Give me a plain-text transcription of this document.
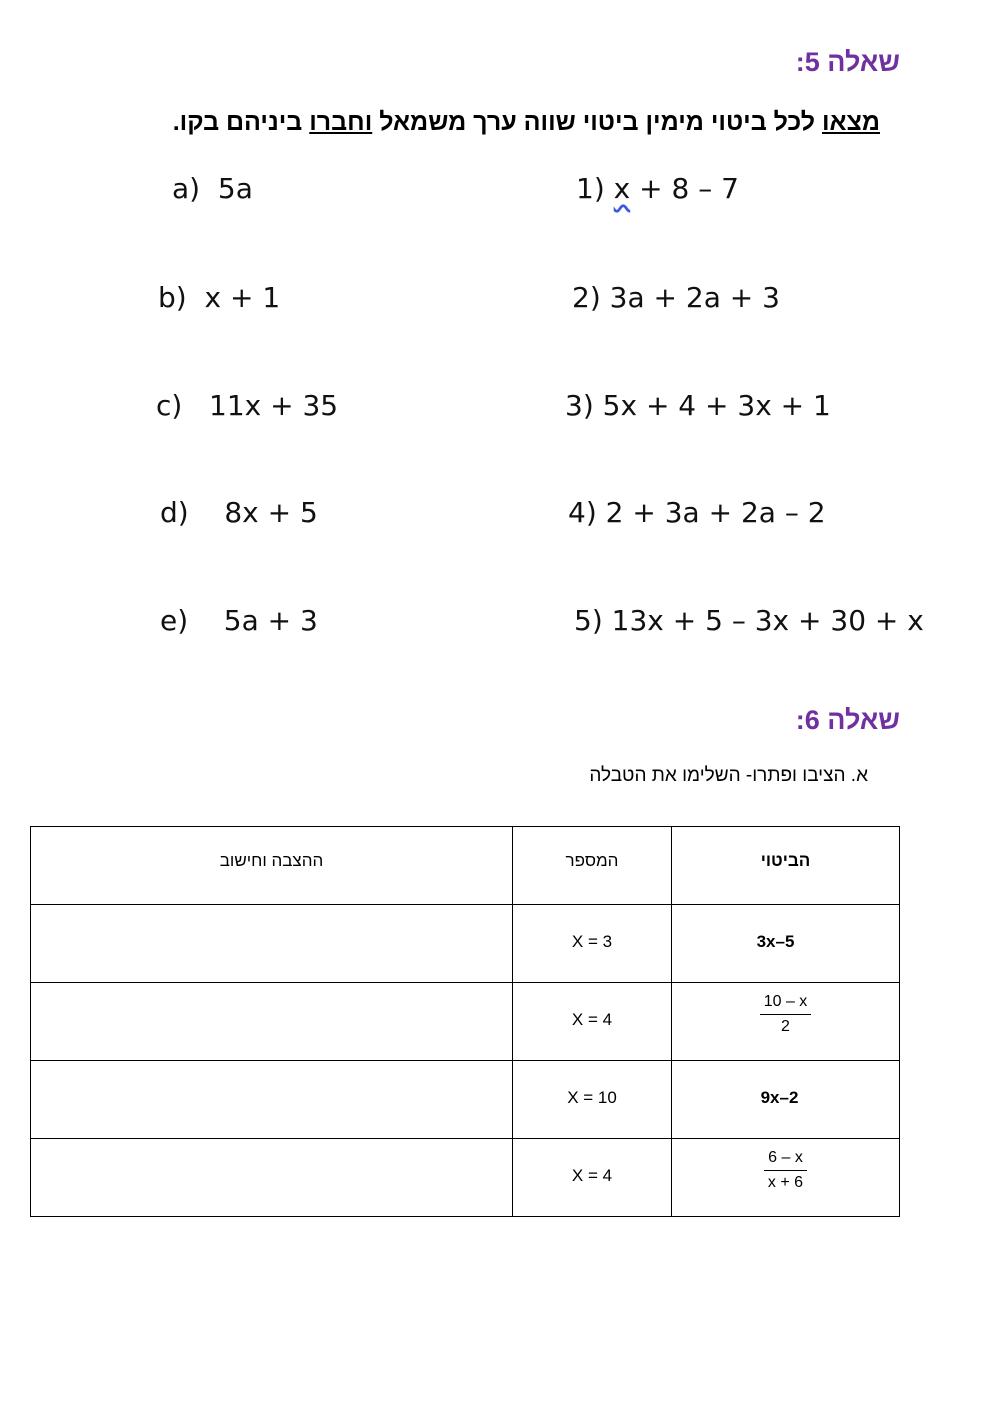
שאלה 5:
מצאו לכל ביטוי מימין ביטוי שווה ערך משמאל וחברו ביניהם בקו.
a) 5a
b) x + 1
c) 11x + 35
d) 8x + 5
e) 5a + 3
1) x + 8 – 7
2) 3a + 2a + 3
3) 5x + 4 + 3x + 1
4) 2 + 3a + 2a – 2
5) 13x + 5 – 3x + 30 + x
שאלה 6:
א. הציבו ופתרו- השלימו את הטבלה
ההצבה וחישוב	המספר	הביטוי

	X = 3	3x–5

	X = 4	$\frac{10 - x}{2}$

	X = 10	9x–2

	X = 4	$\frac{6 - x}{x + 6}$
